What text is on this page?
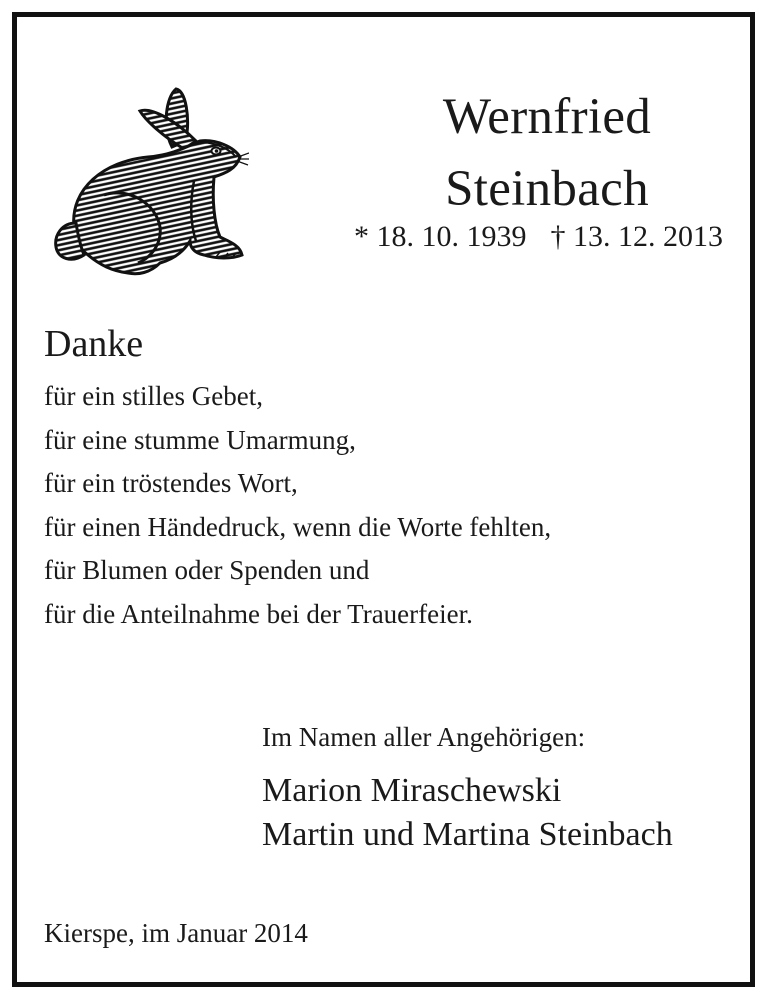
Wernfried
Steinbach
* 18. 10. 1939 † 13. 12. 2013
Danke
für ein stilles Gebet,
für eine stumme Umarmung,
für ein tröstendes Wort,
für einen Händedruck, wenn die Worte fehlten,
für Blumen oder Spenden und
für die Anteilnahme bei der Trauerfeier.
Im Namen aller Angehörigen:
Marion Miraschewski
Martin und Martina Steinbach
Kierspe, im Januar 2014
